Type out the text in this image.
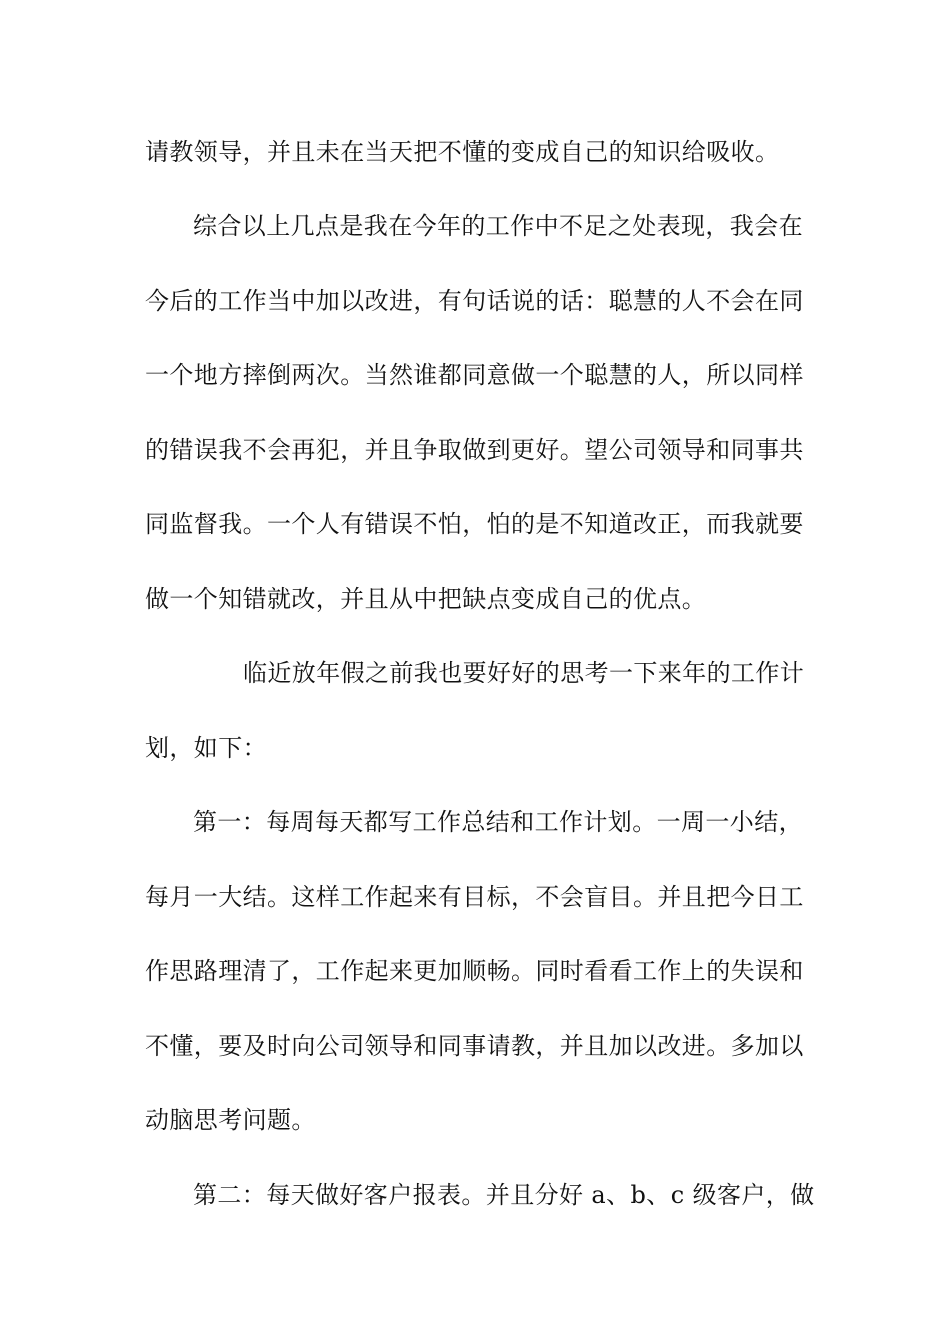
请教领导，并且未在当天把不懂的变成自己的知识给吸收。
综合以上几点是我在今年的工作中不足之处表现，我会在
今后的工作当中加以改进，有句话说的话：聪慧的人不会在同
一个地方摔倒两次。当然谁都同意做一个聪慧的人，所以同样
的错误我不会再犯，并且争取做到更好。望公司领导和同事共
同监督我。一个人有错误不怕，怕的是不知道改正，而我就要
做一个知错就改，并且从中把缺点变成自己的优点。
临近放年假之前我也要好好的思考一下来年的工作计
划，如下：
第一：每周每天都写工作总结和工作计划。一周一小结，
每月一大结。这样工作起来有目标，不会盲目。并且把今日工
作思路理清了，工作起来更加顺畅。同时看看工作上的失误和
不懂，要及时向公司领导和同事请教，并且加以改进。多加以
动脑思考问题。
第二：每天做好客户报表。并且分好 a、b、c 级客户，做
